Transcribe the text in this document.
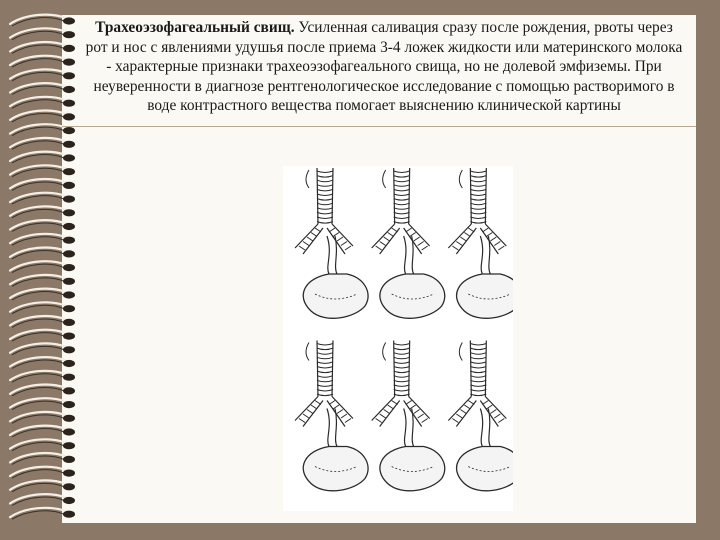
Трахеоэзофагеальный свищ. Усиленная саливация сразу после рождения, рвоты через рот и нос с явлениями удушья после приема 3-4 ложек жидкости или материнского молока - характерные признаки трахеоэзофагеального свища, но не долевой эмфиземы. При неуверенности в диагнозе рентгенологическое исследование с помощью растворимого в воде контрастного вещества помогает выяснению клинической картины
